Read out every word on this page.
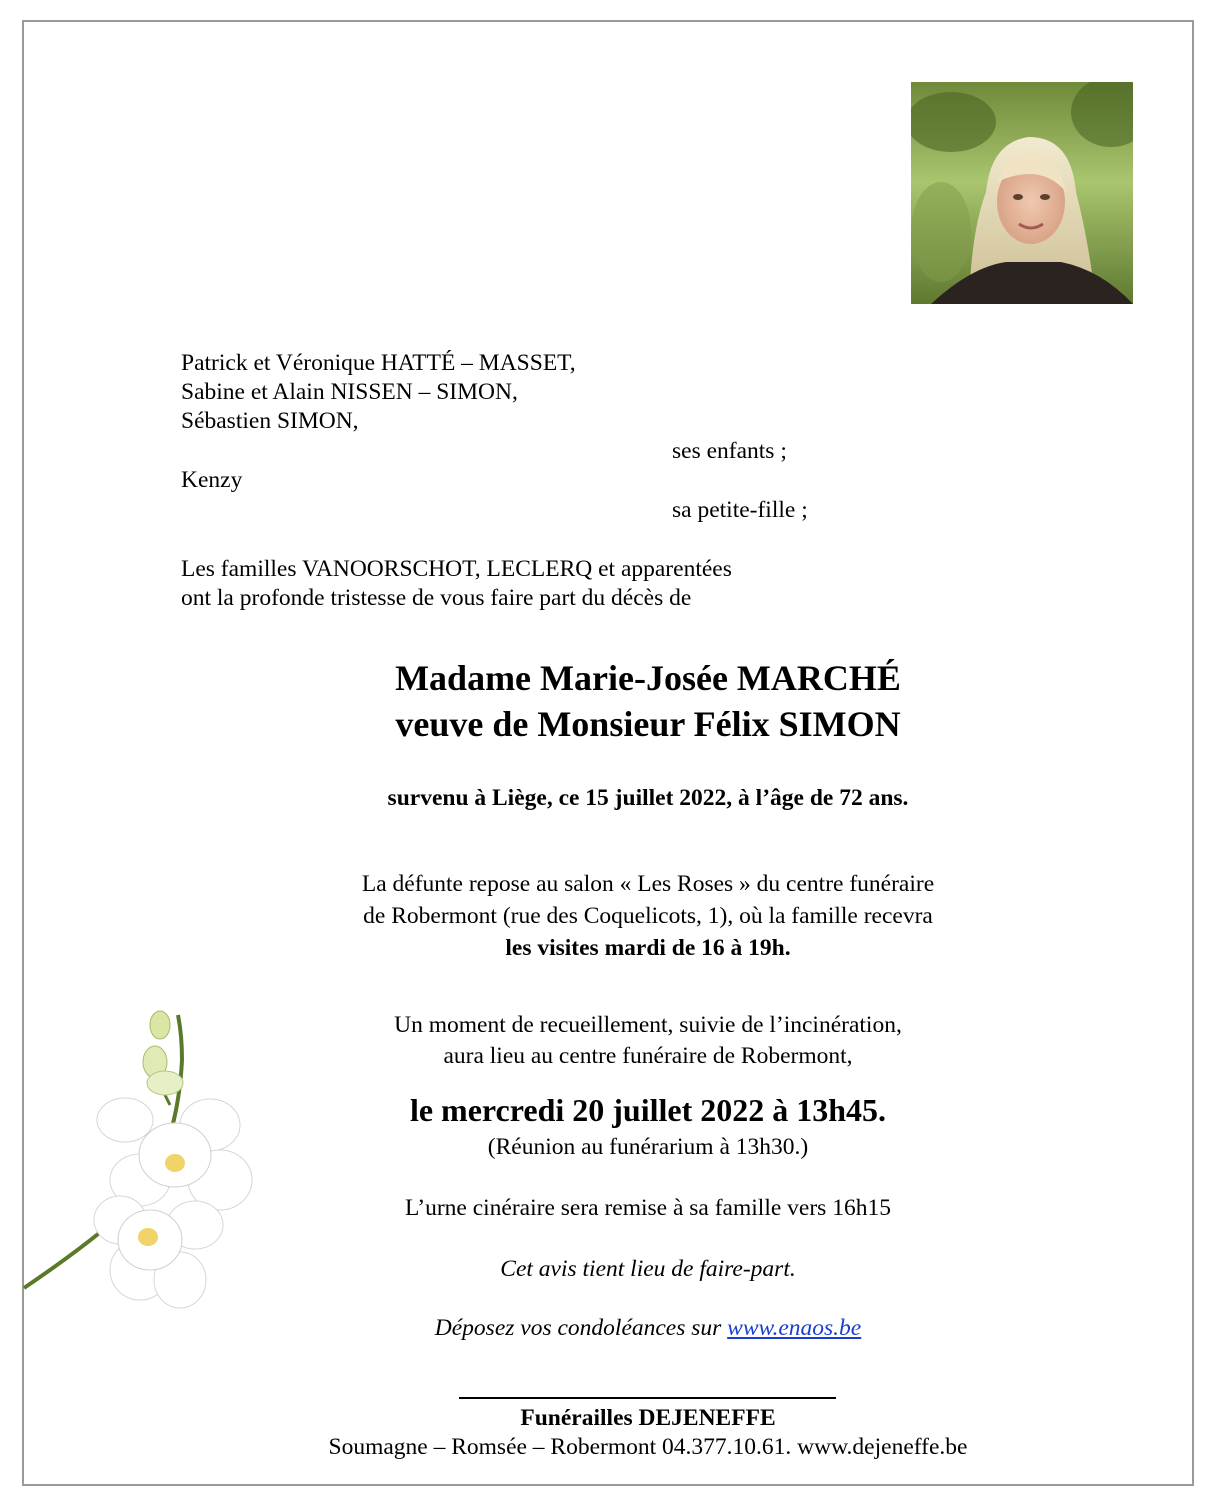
Patrick et Véronique HATTÉ – MASSET,
Sabine et Alain NISSEN – SIMON,
Sébastien SIMON,
ses enfants ;
Kenzy
sa petite-fille ;
Les familles VANOORSCHOT, LECLERQ et apparentées
ont la profonde tristesse de vous faire part du décès de
Madame Marie-Josée MARCHÉ
veuve de Monsieur Félix SIMON
survenu à Liège, ce 15 juillet 2022, à l’âge de 72 ans.
La défunte repose au salon « Les Roses » du centre funéraire
de Robermont (rue des Coquelicots, 1), où la famille recevra
les visites mardi de 16 à 19h.
Un moment de recueillement, suivie de l’incinération,
aura lieu au centre funéraire de Robermont,
le mercredi 20 juillet 2022 à 13h45.
(Réunion au funérarium à 13h30.)
L’urne cinéraire sera remise à sa famille vers 16h15
Cet avis tient lieu de faire-part.
Déposez vos condoléances sur www.enaos.be
Funérailles DEJENEFFE
Soumagne – Romsée – Robermont 04.377.10.61. www.dejeneffe.be
